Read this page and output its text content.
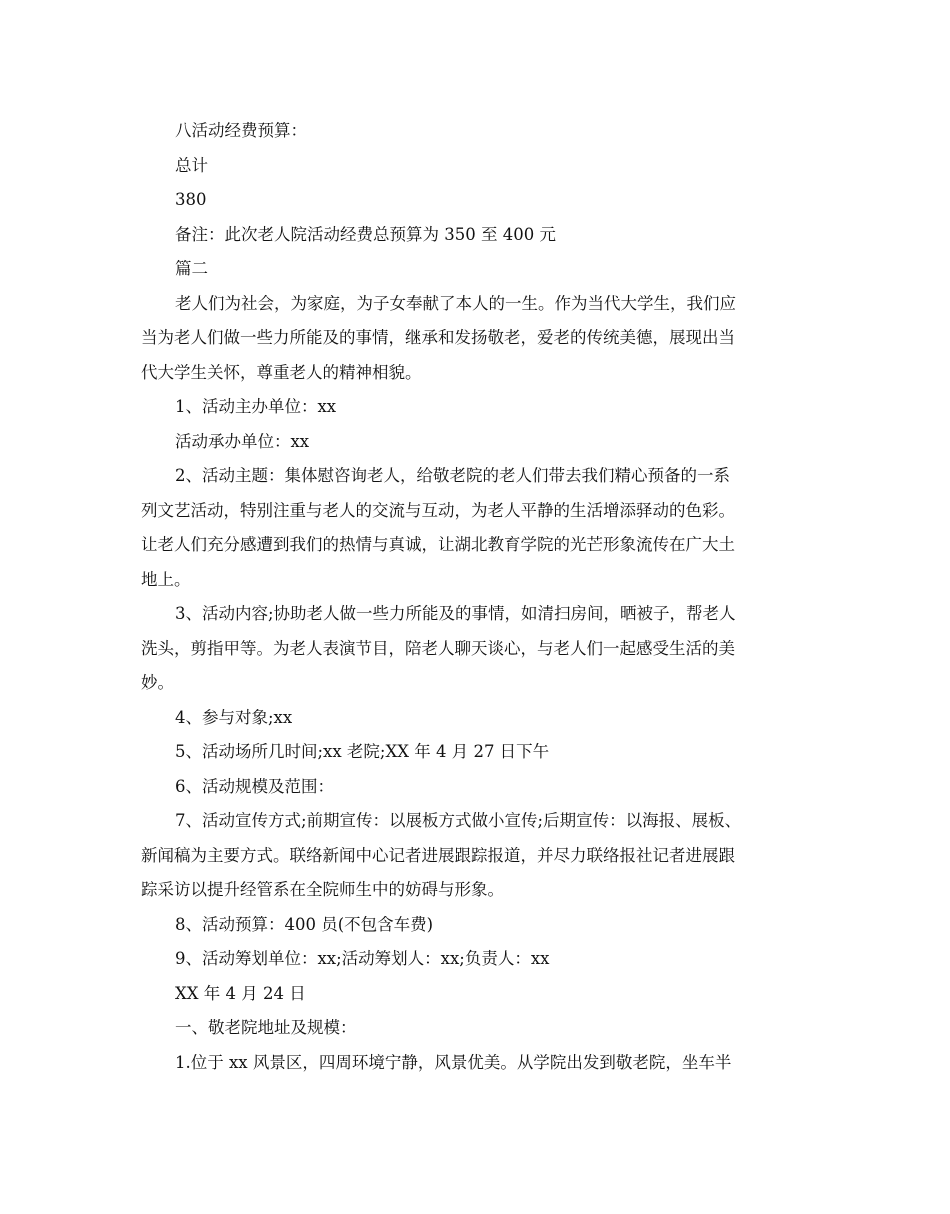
八活动经费预算：
总计
380
备注：此次老人院活动经费总预算为 350 至 400 元
篇二
老人们为社会，为家庭，为子女奉献了本人的一生。作为当代大学生，我们应
当为老人们做一些力所能及的事情，继承和发扬敬老，爱老的传统美德，展现出当
代大学生关怀，尊重老人的精神相貌。
1、活动主办单位：xx
活动承办单位：xx
2、活动主题：集体慰咨询老人，给敬老院的老人们带去我们精心预备的一系
列文艺活动，特别注重与老人的交流与互动，为老人平静的生活增添驿动的色彩。
让老人们充分感遭到我们的热情与真诚，让湖北教育学院的光芒形象流传在广大土
地上。
3、活动内容;协助老人做一些力所能及的事情，如清扫房间，晒被子，帮老人
洗头，剪指甲等。为老人表演节目，陪老人聊天谈心，与老人们一起感受生活的美
妙。
4、参与对象;xx
5、活动场所几时间;xx 老院;XX 年 4 月 27 日下午
6、活动规模及范围：
7、活动宣传方式;前期宣传：以展板方式做小宣传;后期宣传：以海报、展板、
新闻稿为主要方式。联络新闻中心记者进展跟踪报道，并尽力联络报社记者进展跟
踪采访以提升经管系在全院师生中的妨碍与形象。
8、活动预算：400 员(不包含车费)
9、活动筹划单位：xx;活动筹划人：xx;负责人：xx
XX 年 4 月 24 日
一、敬老院地址及规模：
1.位于 xx 风景区，四周环境宁静，风景优美。从学院出发到敬老院，坐车半
